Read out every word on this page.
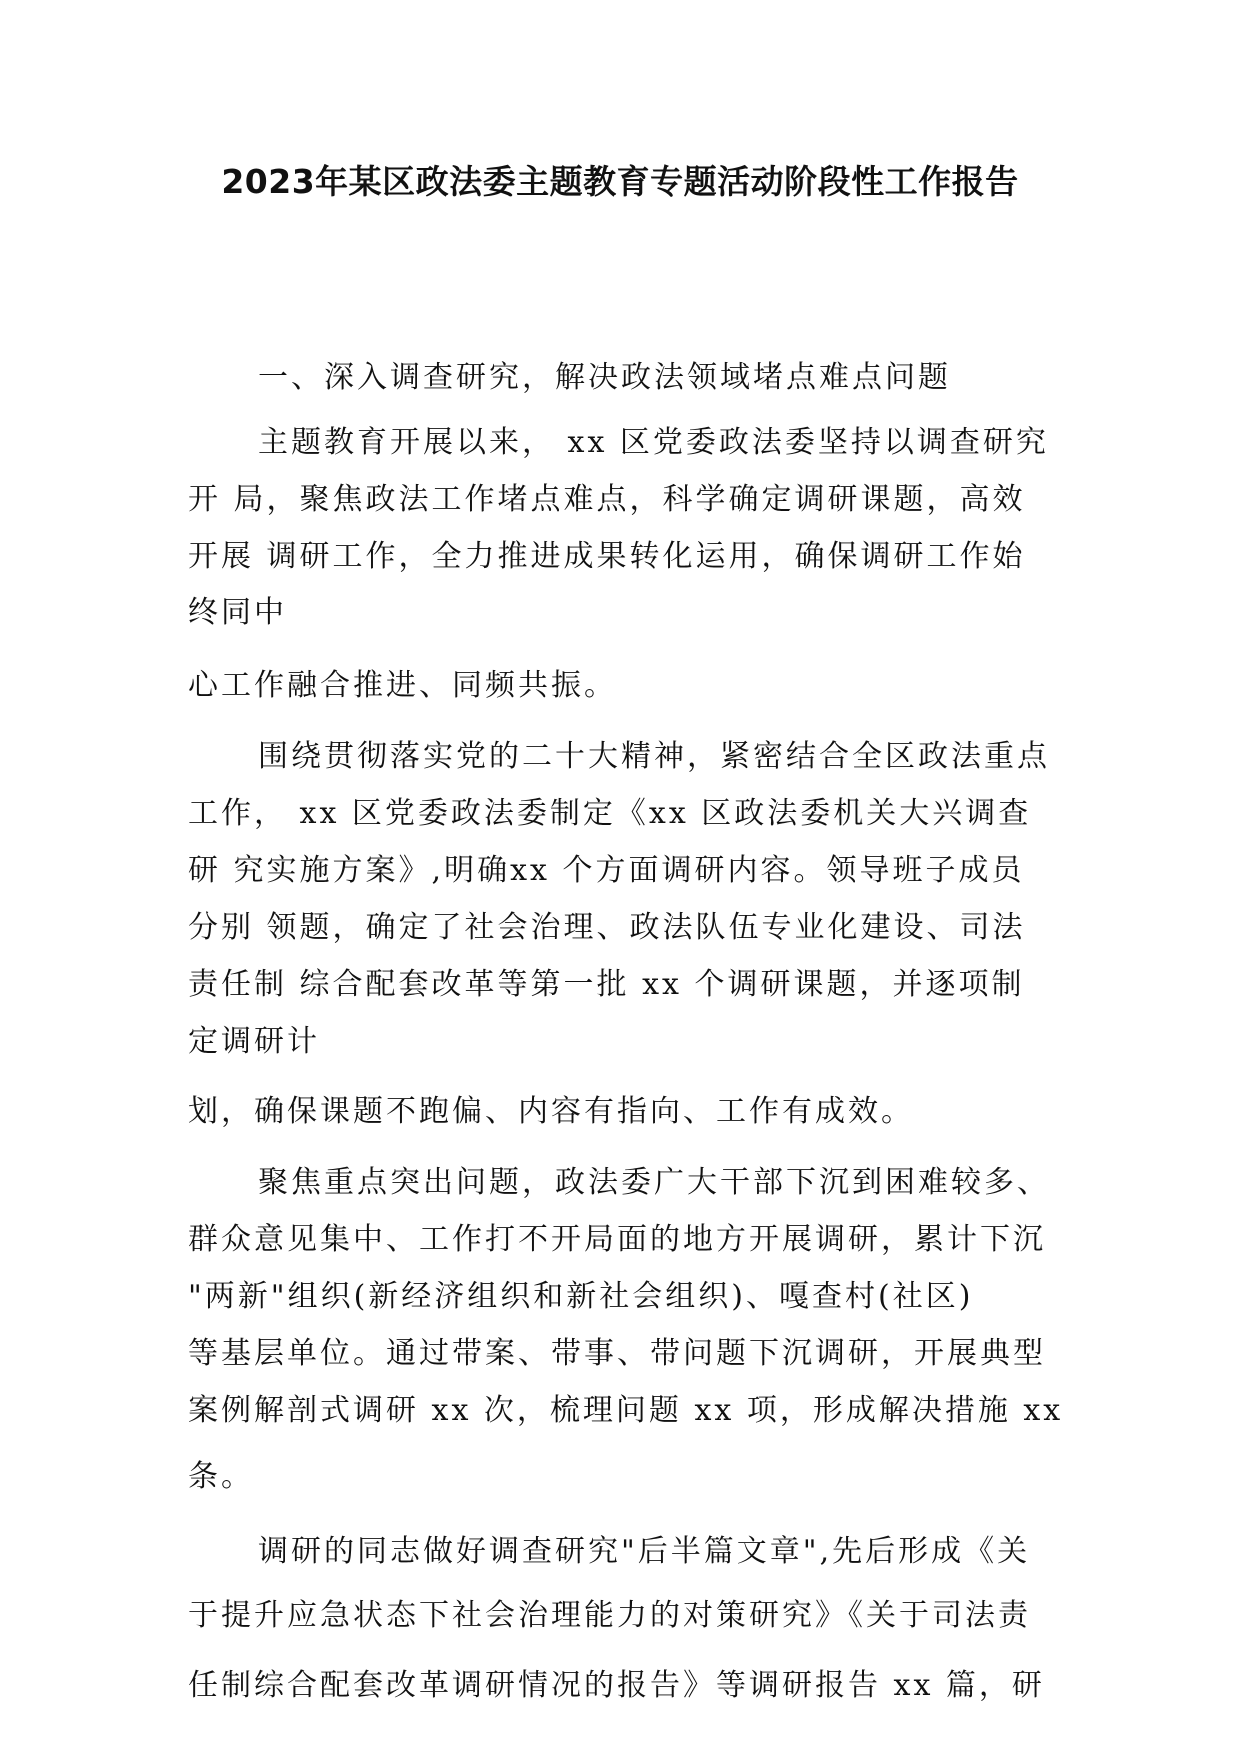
2023年某区政法委主题教育专题活动阶段性工作报告
一、深入调查研究，解决政法领域堵点难点问题
主题教育开展以来， xx 区党委政法委坚持以调查研究
开 局，聚焦政法工作堵点难点，科学确定调研课题，高效
开展 调研工作，全力推进成果转化运用，确保调研工作始
终同中
心工作融合推进、同频共振。
围绕贯彻落实党的二十大精神，紧密结合全区政法重点
工作， xx 区党委政法委制定《xx 区政法委机关大兴调查
研 究实施方案》,明确xx 个方面调研内容。领导班子成员
分别 领题，确定了社会治理、政法队伍专业化建设、司法
责任制 综合配套改革等第一批 xx 个调研课题，并逐项制
定调研计
划，确保课题不跑偏、内容有指向、工作有成效。
聚焦重点突出问题，政法委广大干部下沉到困难较多、
群众意见集中、工作打不开局面的地方开展调研，累计下沉
"两新"组织(新经济组织和新社会组织)、嘎查村(社区)
等基层单位。通过带案、带事、带问题下沉调研，开展典型
案例解剖式调研 xx 次，梳理问题 xx 项，形成解决措施 xx
条。
调研的同志做好调查研究"后半篇文章",先后形成《关
于提升应急状态下社会治理能力的对策研究》《关于司法责
任制综合配套改革调研情况的报告》等调研报告 xx 篇，研
